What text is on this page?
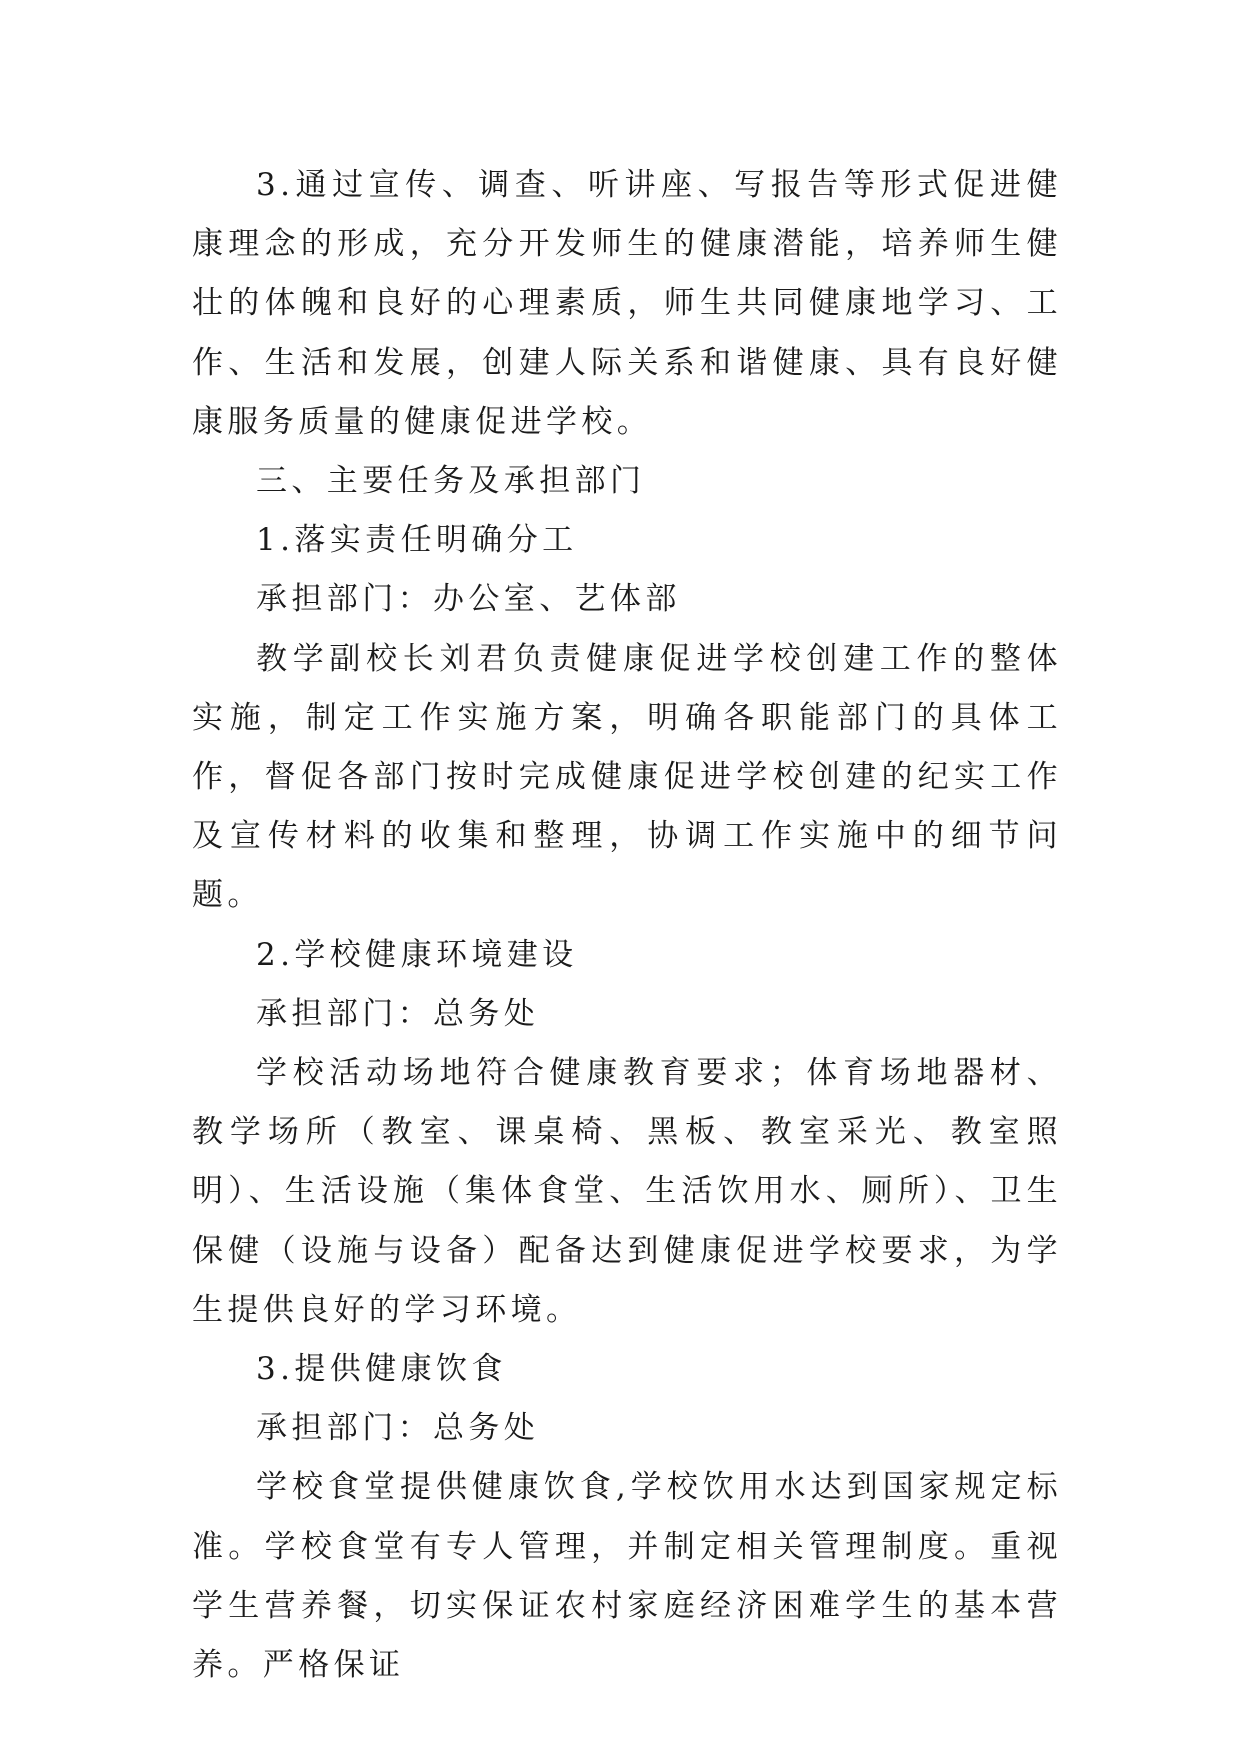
3.通过宣传、调查、听讲座、写报告等形式促进健康理念的形成，充分开发师生的健康潜能，培养师生健壮的体魄和良好的心理素质，师生共同健康地学习、工作、生活和发展，创建人际关系和谐健康、具有良好健康服务质量的健康促进学校。

三、主要任务及承担部门

1.落实责任明确分工

承担部门：办公室、艺体部

教学副校长刘君负责健康促进学校创建工作的整体实施，制定工作实施方案，明确各职能部门的具体工作，督促各部门按时完成健康促进学校创建的纪实工作及宣传材料的收集和整理，协调工作实施中的细节问题。

2.学校健康环境建设

承担部门：总务处

学校活动场地符合健康教育要求；体育场地器材、教学场所（教室、课桌椅、黑板、教室采光、教室照明）、生活设施（集体食堂、生活饮用水、厕所）、卫生保健（设施与设备）配备达到健康促进学校要求，为学生提供良好的学习环境。

3.提供健康饮食

承担部门：总务处

学校食堂提供健康饮食,学校饮用水达到国家规定标准。学校食堂有专人管理，并制定相关管理制度。重视学生营养餐，切实保证农村家庭经济困难学生的基本营养。严格保证
